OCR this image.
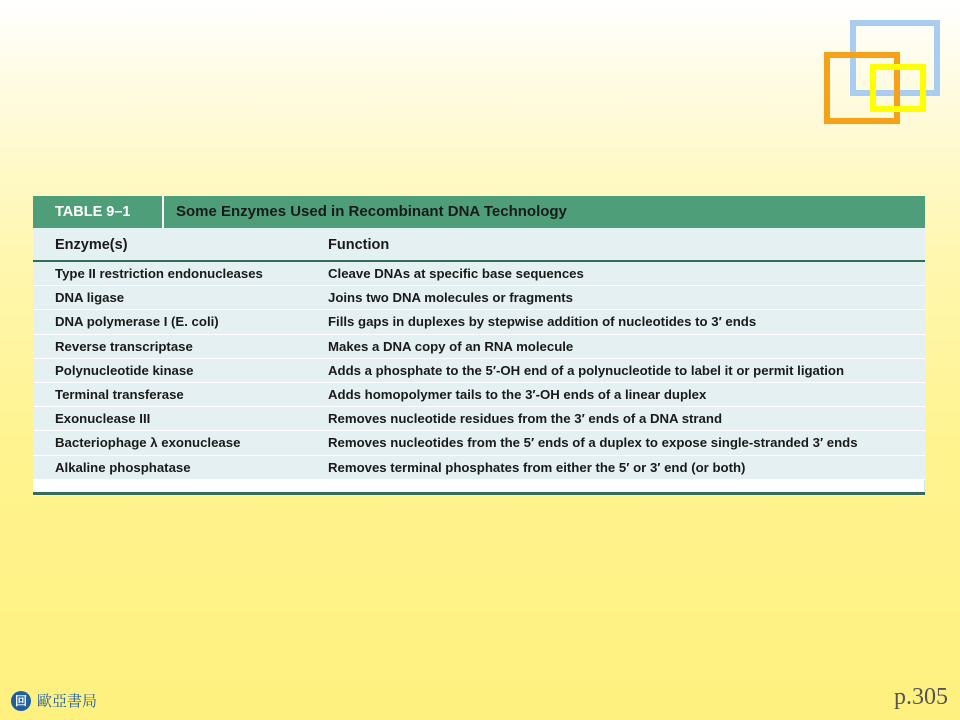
TABLE 9–1	Some Enzymes Used in Recombinant DNA Technology
Enzyme(s)	Function
Type II restriction endonucleases	Cleave DNAs at specific base sequences
DNA ligase	Joins two DNA molecules or fragments
DNA polymerase I (E. coli)	Fills gaps in duplexes by stepwise addition of nucleotides to 3′ ends
Reverse transcriptase	Makes a DNA copy of an RNA molecule
Polynucleotide kinase	Adds a phosphate to the 5′-OH end of a polynucleotide to label it or permit ligation
Terminal transferase	Adds homopolymer tails to the 3′-OH ends of a linear duplex
Exonuclease III	Removes nucleotide residues from the 3′ ends of a DNA strand
Bacteriophage λ exonuclease	Removes nucleotides from the 5′ ends of a duplex to expose single-stranded 3′ ends
Alkaline phosphatase	Removes terminal phosphates from either the 5′ or 3′ end (or both)
回 歐亞書局	p.305
